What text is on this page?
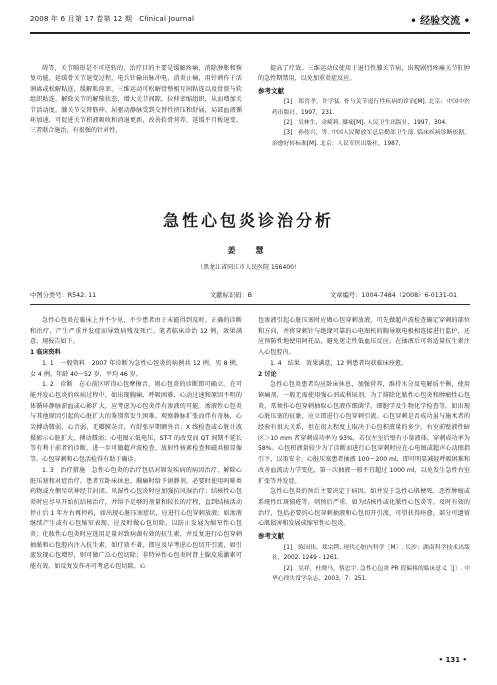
2008 年 6 月第 17 卷第 12 期　Clinical Journal	• 经验交流 •

碍等，关节畸形是不可逆转的，治疗目的主要是缓解疼痛，消除肿胀和恢复功能，延缓骨关节退变过程，电兵针输出脉冲电，消炎止痛，用针刺作于活润离或松解粘连，缓解肌痉挛，三维运动可松解骨整相互间粘连以及骨赘与软组织粘连，解除关节的解锁状态，增大关节间隙，拉伸挛缩组织，从而增加关节活动度，膝关节交替筋伸，屈驱动静脉受到交替性挤压和舒展，局部血液循环加速，可促进关节积液吸收和消退更新，改善软骨营养，延缓平月板退变。三者联合施治，有很强的针对性，

提高了疗效。三维运动仪使用于退行性膝关节病，出现剧烈疼痛关节肛肿的急性期禁用，以免加重炎症反应。

参考文献

[1]　郑晋孝，许学猛. 骨与关节退行性疾病的诊治[M]. 北京：中国中医药出版社，1997，231.

[2]　吴林生，金崎莉. 膝痛[M]. 人民卫生出版社，1997，304.

[3]　孙传兴，等. 中国人民解放军总后勤部卫生部. 临床疾病诊断依据，治愈好转标准[M]. 北京：人民军医出版社，1987，

急性心包炎诊治分析
姜　慧
（黑龙江省同江市人民医院 156400）
中图分类号：R542. 11	文献标识码：B	文章编号：1004-7484（2008）6-0131-01

急性心包炎在临床上并不少见，不少患者由于未能得到及时、正确的诊断和治疗，产生严重并发症而导致病残及死亡。笔者临床诊治 12 例，效果满意，现报告如下。

1 临床资料

1. 1　一般资料　2007 年诊断为急性心包炎的病例共 12 例，男 8 例，女 4 例，年龄 40～52 岁，平均 46 岁。

1. 2　诊断　在心前区听得心包摩擦音，则心包炎的诊断即可确立。在可能并发心包炎的疾病过程中，如出现胸痛、呼吸困难、心动过速和原因不明的体循环静脉淤血或心影扩大，应考虑为心包炎伴有渗液的可能。渗液性心包炎与其他原因引起的心脏扩大的鉴别常发生困难。观察静脉扩张而伴有奇脉，心尖搏动微弱，心音弱，无瓣膜杂音，有舒张早期额外音；X 线检查或心脏计波摄影示心脏扩大，搏动微弱；心电图示低电压，ST-T 的改变而 QT 间期不延长等有利于前者的诊断。进一步可做超声波检查、放射性核素检查和磁共振显像等。心包穿刺和心包活检得有助于确诊。

1. 3　治疗措施　急性心包炎的治疗包括对原发疾病的病因治疗、解除心脏压塞和对症治疗。患者宜卧床休息。胸痛时给予镇静剂，必要时使用吗啡类药物或左侧星状神经节封闭。风湿性心包炎时应加强抗风湿治疗；结核性心包炎时应尽早开始抗结核治疗，并给予足够的剂量和较长的疗程，直到结核活动停止后 1 年左右再停药，如出现心脏压塞症状，应进行心包穿刺放液；如渗液继续产生或有心包缩窄表现，应及时做心包切除，以防止发展为缩窄性心包炎；化脓性心包炎时应选用足量对致病菌有效的抗生素，并反复进行心包穿刺抽脓和心包腔内注入抗生素，如疗效不著，即应及早考虑心包切开引流，如引流发现心包增厚，则可做广泛心包切除；非特异性心包炎时肾上腺皮质激素可能有效，如反复发作亦可考虑心包切除。心

包渗液引起心脏压塞时应做心包穿刺放液，可先做超声波检查确定穿刺的部位和方向，并将穿刺针与绝缘可靠的心电图机的胸导联电极相连接进行监护，还应预防性地使用阿托品，避免迷走性低血压反应。在抽液后可将适量抗生素注入心包腔内。

1. 4　结果　效果满意，12 例患者均获临床痊愈。

2 讨论

急性心包炎患者均应卧床休息，加强营养，维持水分及电解质平衡，使用镇痛剂，一般无需使用强心剂或利尿剂。为了排除化脓性心包炎和肿瘤性心包炎，常须作心包穿刺抽取心包液作细菌学、细胞学及生物化学检查等。如出现心脏压塞的征象，应立即进行心包穿刺引流。心包穿刺是否成功虽与施术者的经验有很大关系，但在很大程度上取决于心包积液量的多少。右室前壁液性暗区＞10 mm 者穿刺成功率为 93%，若仅左室后壁有小量液体，穿刺成功率为 58%。心包积液量较少为了诊断而进行心包穿刺时应在心电图或超声心动图指引下，以策安全。心脏压塞患者抽液 100～200 ml，即可明显减轻呼吸困难和改善血流动力学变化，第一次抽液一般不宜超过 1000 ml，以免发生急性右室扩张等并发症。

急性心包炎的预后主要决定于病因，如并发于急性心肌梗死、恶性肿瘤或系统性红斑狼疮等，则预后严重。如为结核性或化脓性心包炎等，及时有效的治疗，包括必要的心包穿刺抽液和心包切开引流，可望获得痊愈。部分可遗留心肌损害和发展成缩窄性心包炎。

参考文献

[1]　陈国伟，郑宗锷. 现代心脏内科学［M］. 长沙：湖南科学技术出版社，2002. 1249 - 1261.

[2]　吴祥，杜晓马，蔡忠宇. 急性心包炎 PR 段偏移的临床意义［J］. 中华心律失常学杂志，2003，7：251.

• 131 •
